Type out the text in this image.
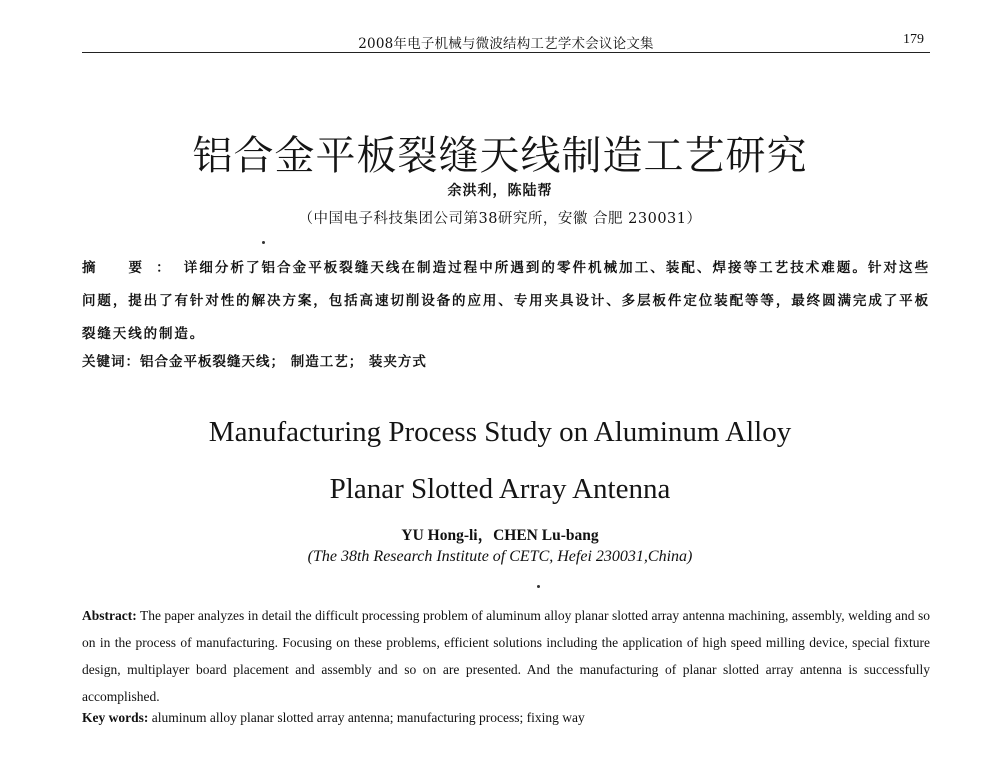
2008年电子机械与微波结构工艺学术会议论文集	179
铝合金平板裂缝天线制造工艺研究
余洪利，陈陆帮
（中国电子科技集团公司第38研究所，安徽 合肥 230031）
摘 要：详细分析了铝合金平板裂缝天线在制造过程中所遇到的零件机械加工、装配、焊接等工艺技术难题。针对这些问题，提出了有针对性的解决方案，包括高速切削设备的应用、专用夹具设计、多层板件定位装配等等，最终圆满完成了平板裂缝天线的制造。
关键词：铝合金平板裂缝天线； 制造工艺； 装夹方式
Manufacturing Process Study on Aluminum Alloy
Planar Slotted Array Antenna
YU Hong-li，CHEN Lu-bang
(The 38th Research Institute of CETC, Hefei 230031,China)
Abstract: The paper analyzes in detail the difficult processing problem of aluminum alloy planar slotted array antenna machining, assembly, welding and so on in the process of manufacturing. Focusing on these problems, efficient solutions including the application of high speed milling device, special fixture design, multiplayer board placement and assembly and so on are presented. And the manufacturing of planar slotted array antenna is successfully accomplished.
Key words: aluminum alloy planar slotted array antenna; manufacturing process; fixing way
